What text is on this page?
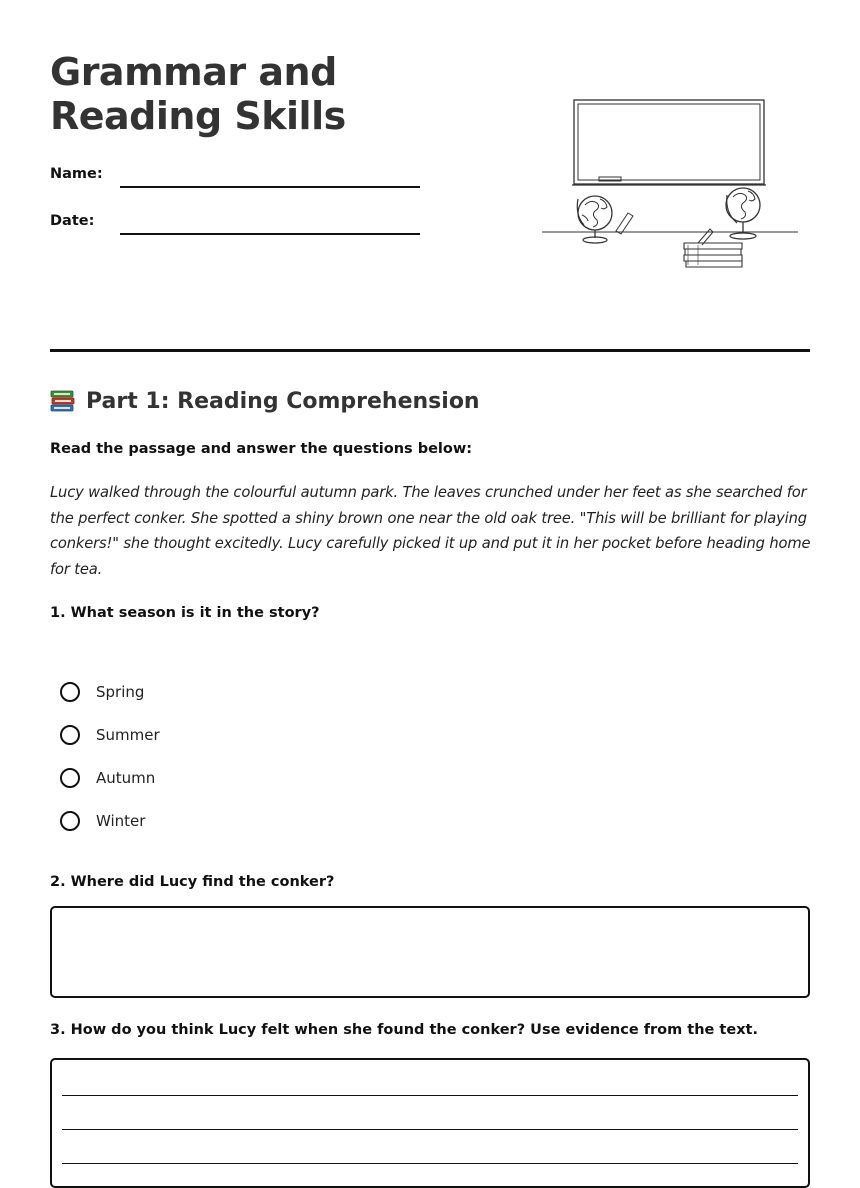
Grammar and Reading Skills
Name:
Date:
Part 1: Reading Comprehension
Read the passage and answer the questions below:

Lucy walked through the colourful autumn park. The leaves crunched under her feet as she searched for the perfect conker. She spotted a shiny brown one near the old oak tree. "This will be brilliant for playing conkers!" she thought excitedly. Lucy carefully picked it up and put it in her pocket before heading home for tea.

1. What season is it in the story?
Spring
Summer
Autumn
Winter
2. Where did Lucy find the conker?
3. How do you think Lucy felt when she found the conker? Use evidence from the text.
